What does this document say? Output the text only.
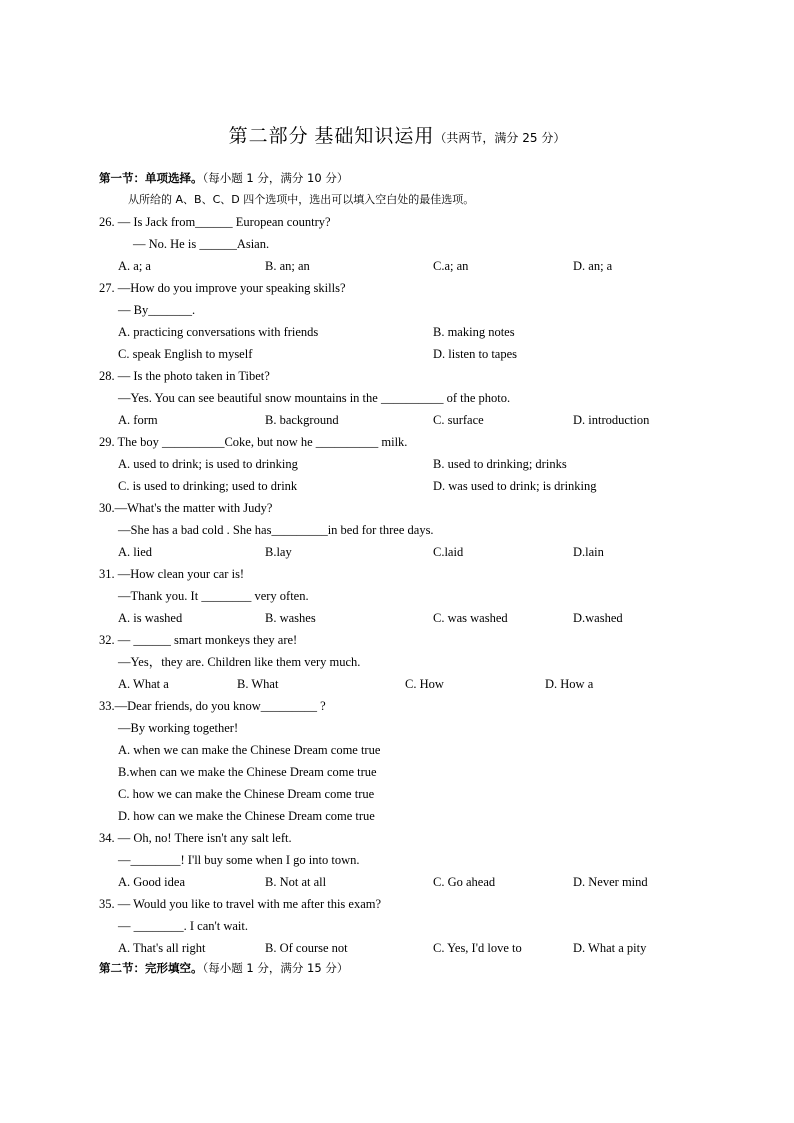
第二部分 基础知识运用（共两节，满分 25 分）
第一节：单项选择。（每小题 1 分，满分 10 分）
从所给的 A、B、C、D 四个选项中，选出可以填入空白处的最佳选项。
26. — Is Jack from______ European country?
— No. He is ______Asian.
A. a; a	B. an; an	C.a; an	D. an; a
27. —How do you improve your speaking skills?
— By_______.
A. practicing conversations with friends	B. making notes
C. speak English to myself	D. listen to tapes
28. — Is the photo taken in Tibet?
—Yes. You can see beautiful snow mountains in the __________ of the photo.
A. form	B. background	C. surface	D. introduction
29. The boy __________Coke, but now he __________ milk.
A. used to drink; is used to drinking	B. used to drinking; drinks
C. is used to drinking; used to drink	D. was used to drink; is drinking
30.—What's the matter with Judy?
—She has a bad cold . She has_________in bed for three days.
A. lied	B.lay	C.laid	D.lain
31. —How clean your car is!
—Thank you. It ________ very often.
A. is washed	B. washes	C. was washed	D.washed
32. — ______ smart monkeys they are!
—Yes，they are. Children like them very much.
A. What a	B. What	C. How	D. How a
33.—Dear friends, do you know_________ ?
—By working together!
A. when we can make the Chinese Dream come true
B.when can we make the Chinese Dream come true
C. how we can make the Chinese Dream come true
D. how can we make the Chinese Dream come true
34. — Oh, no! There isn't any salt left.
—________! I'll buy some when I go into town.
A. Good idea	B. Not at all	C. Go ahead	D. Never mind
35. — Would you like to travel with me after this exam?
— ________. I can't wait.
A. That's all right	B. Of course not	C. Yes, I'd love to	D. What a pity
第二节：完形填空。（每小题 1 分，满分 15 分）
